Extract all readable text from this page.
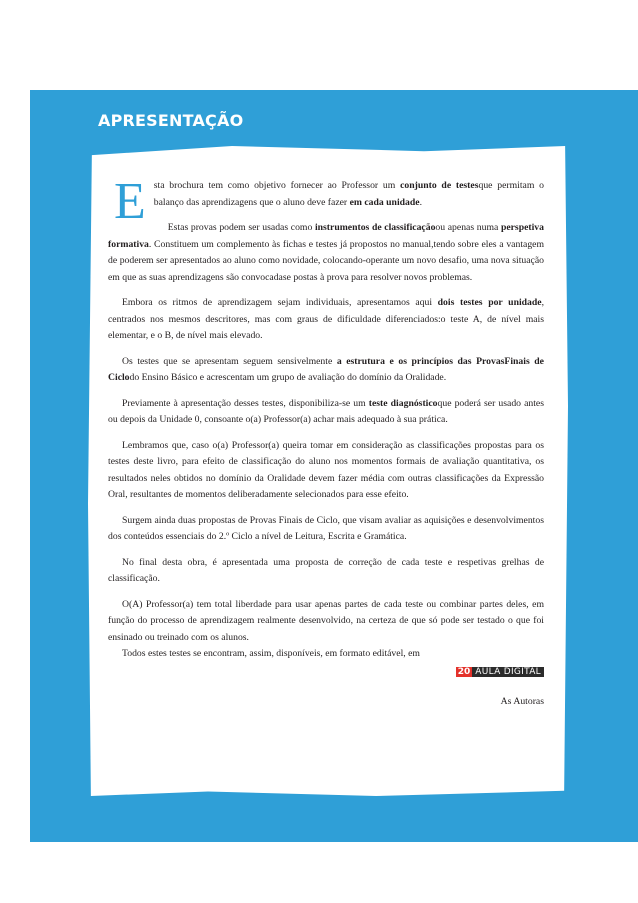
APRESENTAÇÃO

Esta brochura tem como objetivo fornecer ao Professor um conjunto de testesque permitam o balanço das aprendizagens que o aluno deve fazer em cada unidade.

Estas provas podem ser usadas como instrumentos de classificaçãoou apenas numa perspetiva formativa. Constituem um complemento às fichas e testes já propostos no manual,tendo sobre eles a vantagem de poderem ser apresentados ao aluno como novidade, colocando-operante um novo desafio, uma nova situação em que as suas aprendizagens são convocadase postas à prova para resolver novos problemas.

Embora os ritmos de aprendizagem sejam individuais, apresentamos aqui dois testes por unidade, centrados nos mesmos descritores, mas com graus de dificuldade diferenciados:o teste A, de nível mais elementar, e o B, de nível mais elevado.

Os testes que se apresentam seguem sensivelmente a estrutura e os princípios das ProvasFinais de Ciclodo Ensino Básico e acrescentam um grupo de avaliação do domínio da Oralidade.

Previamente à apresentação desses testes, disponibiliza-se um teste diagnósticoque poderá ser usado antes ou depois da Unidade 0, consoante o(a) Professor(a) achar mais adequado à sua prática.

Lembramos que, caso o(a) Professor(a) queira tomar em consideração as classificações propostas para os testes deste livro, para efeito de classificação do aluno nos momentos formais de avaliação quantitativa, os resultados neles obtidos no domínio da Oralidade devem fazer média com outras classificações da Expressão Oral, resultantes de momentos deliberadamente selecionados para esse efeito.

Surgem ainda duas propostas de Provas Finais de Ciclo, que visam avaliar as aquisições e desenvolvimentos dos conteúdos essenciais do 2.º Ciclo a nível de Leitura, Escrita e Gramática.

No final desta obra, é apresentada uma proposta de correção de cada teste e respetivas grelhas de classificação.

O(A) Professor(a) tem total liberdade para usar apenas partes de cada teste ou combinar partes deles, em função do processo de aprendizagem realmente desenvolvido, na certeza de que só pode ser testado o que foi ensinado ou treinado com os alunos.

Todos estes testes se encontram, assim, disponíveis, em formato editável, em

20 AULA DIGITAL
As Autoras
